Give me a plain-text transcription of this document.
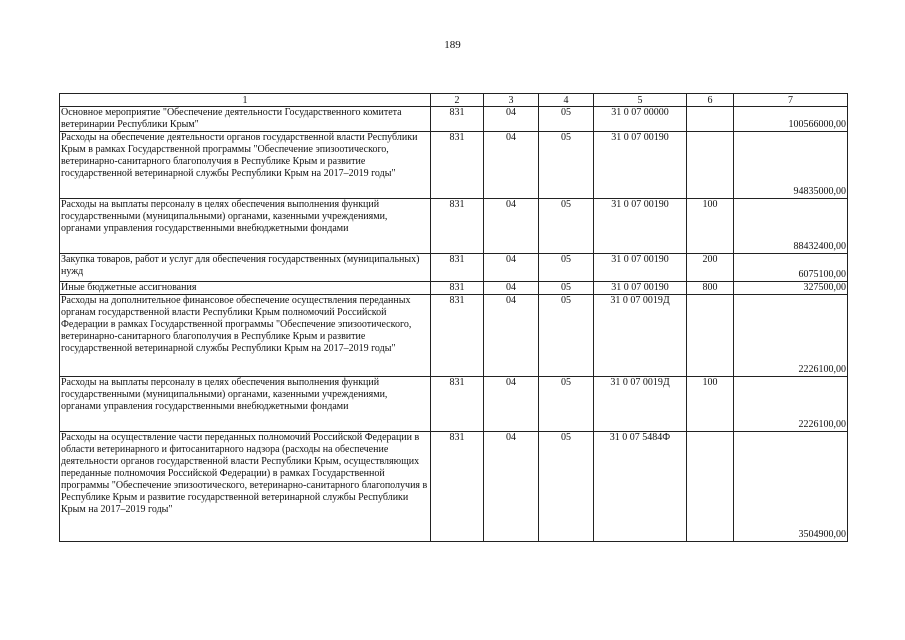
189
1	2	3	4	5	6	7
Основное мероприятие "Обеспечение деятельности Государственного комитета ветеринарии Республики Крым"	831	04	05	31 0 07 00000		100566000,00
Расходы на обеспечение деятельности органов государственной власти Республики Крым в рамках Государственной программы "Обеспечение эпизоотического, ветеринарно-санитарного благополучия в Республике Крым и развитие государственной ветеринарной службы Республики Крым на 2017–2019 годы"	831	04	05	31 0 07 00190		94835000,00
Расходы на выплаты персоналу в целях обеспечения выполнения функций государственными (муниципальными) органами, казенными учреждениями, органами управления государственными внебюджетными фондами	831	04	05	31 0 07 00190	100	88432400,00
Закупка товаров, работ и услуг для обеспечения государственных (муниципальных) нужд	831	04	05	31 0 07 00190	200	6075100,00
Иные бюджетные ассигнования	831	04	05	31 0 07 00190	800	327500,00
Расходы на дополнительное финансовое обеспечение осуществления переданных органам государственной власти Республики Крым полномочий Российской Федерации в рамках Государственной программы "Обеспечение эпизоотического, ветеринарно-санитарного благополучия в Республике Крым и развитие государственной ветеринарной службы Республики Крым на 2017–2019 годы"	831	04	05	31 0 07 0019Д		2226100,00
Расходы на выплаты персоналу в целях обеспечения выполнения функций государственными (муниципальными) органами, казенными учреждениями, органами управления государственными внебюджетными фондами	831	04	05	31 0 07 0019Д	100	2226100,00
Расходы на осуществление части переданных полномочий Российской Федерации в области ветеринарного и фитосанитарного надзора (расходы на обеспечение деятельности органов государственной власти Республики Крым, осуществляющих переданные полномочия Российской Федерации) в рамках Государственной программы "Обеспечение эпизоотического, ветеринарно-санитарного благополучия в Республике Крым и развитие государственной ветеринарной службы Республики Крым на 2017–2019 годы"	831	04	05	31 0 07 5484Ф		3504900,00
